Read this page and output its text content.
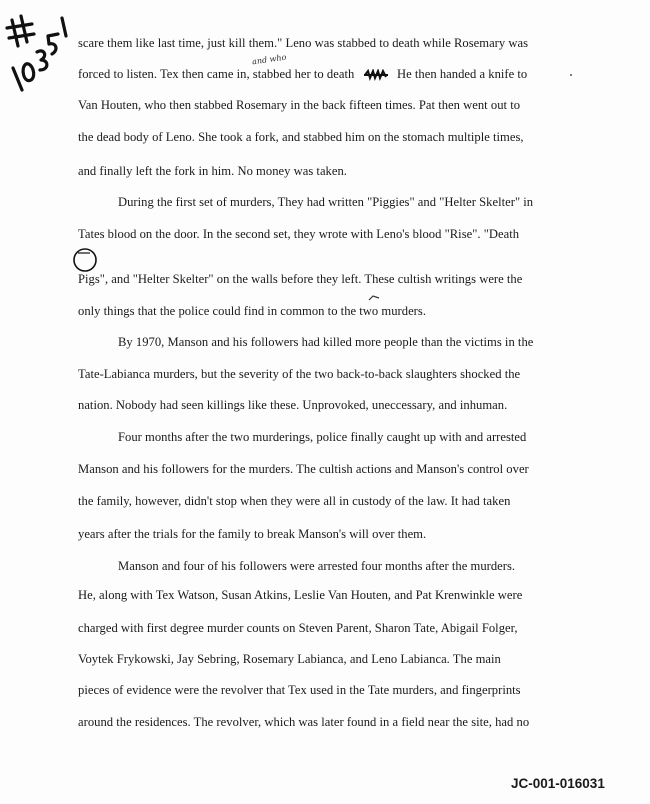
and who
scare them like last time, just kill them." Leno was stabbed to death while Rosemary was
forced to listen. Tex then came in, stabbed her to death	He then handed a knife to
Van Houten, who then stabbed Rosemary in the back fifteen times. Pat then went out to
the dead body of Leno. She took a fork, and stabbed him on the stomach multiple times,
and finally left the fork in him. No money was taken.
During the first set of murders, They had written "Piggies" and "Helter Skelter" in
Tates blood on the door. In the second set, they wrote with Leno's blood "Rise". "Death
Pigs", and "Helter Skelter" on the walls before they left. These cultish writings were the
only things that the police could find in common to the two murders.
By 1970, Manson and his followers had killed more people than the victims in the
Tate-Labianca murders, but the severity of the two back-to-back slaughters shocked the
nation. Nobody had seen killings like these. Unprovoked, uneccessary, and inhuman.
Four months after the two murderings, police finally caught up with and arrested
Manson and his followers for the murders. The cultish actions and Manson's control over
the family, however, didn't stop when they were all in custody of the law. It had taken
years after the trials for the family to break Manson's will over them.
Manson and four of his followers were arrested four months after the murders.
He, along with Tex Watson, Susan Atkins, Leslie Van Houten, and Pat Krenwinkle were
charged with first degree murder counts on Steven Parent, Sharon Tate, Abigail Folger,
Voytek Frykowski, Jay Sebring, Rosemary Labianca, and Leno Labianca. The main
pieces of evidence were the revolver that Tex used in the Tate murders, and fingerprints
around the residences. The revolver, which was later found in a field near the site, had no
JC-001-016031
